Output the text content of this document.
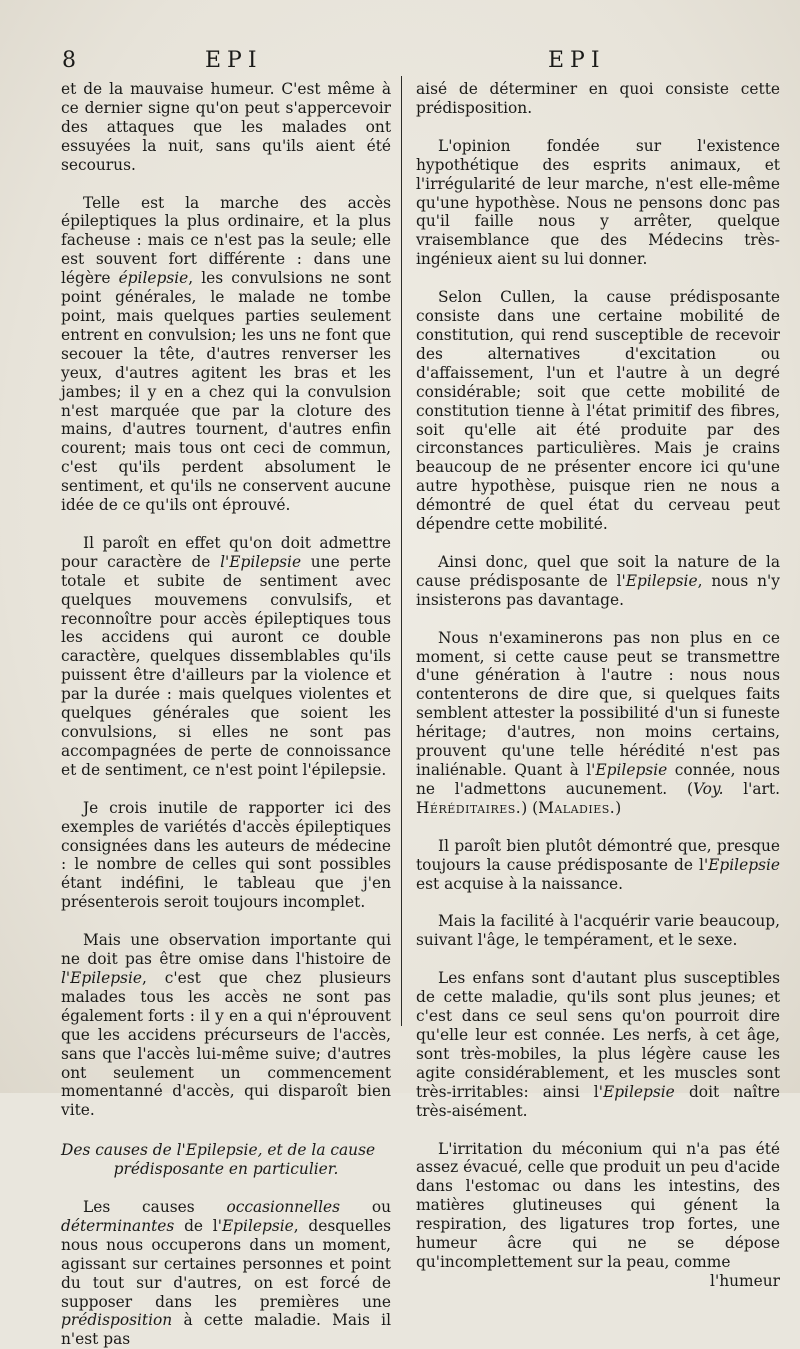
8	EPI	EPI

et de la mauvaise humeur. C'est même à ce dernier signe qu'on peut s'appercevoir des attaques que les malades ont essuyées la nuit, sans qu'ils aient été secourus.

Telle est la marche des accès épileptiques la plus ordinaire, et la plus facheuse : mais ce n'est pas la seule; elle est souvent fort différente : dans une légère épilepsie, les convulsions ne sont point générales, le malade ne tombe point, mais quelques parties seulement entrent en convulsion; les uns ne font que secouer la tête, d'autres renverser les yeux, d'autres agitent les bras et les jambes; il y en a chez qui la convulsion n'est marquée que par la cloture des mains, d'autres tournent, d'autres enfin courent; mais tous ont ceci de commun, c'est qu'ils perdent absolument le sentiment, et qu'ils ne conservent aucune idée de ce qu'ils ont éprouvé.

Il paroît en effet qu'on doit admettre pour caractère de l'Epilepsie une perte totale et subite de sentiment avec quelques mouvemens convulsifs, et reconnoître pour accès épileptiques tous les accidens qui auront ce double caractère, quelques dissemblables qu'ils puissent être d'ailleurs par la violence et par la durée : mais quelques violentes et quelques générales que soient les convulsions, si elles ne sont pas accompagnées de perte de connoissance et de sentiment, ce n'est point l'épilepsie.

Je crois inutile de rapporter ici des exemples de variétés d'accès épileptiques consignées dans les auteurs de médecine : le nombre de celles qui sont possibles étant indéfini, le tableau que j'en présenterois seroit toujours incomplet.

Mais une observation importante qui ne doit pas être omise dans l'histoire de l'Epilepsie, c'est que chez plusieurs malades tous les accès ne sont pas également forts : il y en a qui n'éprouvent que les accidens précurseurs de l'accès, sans que l'accès lui-même suive; d'autres ont seulement un commencement momentanné d'accès, qui disparoît bien vite.

Des causes de l'Epilepsie, et de la cause
prédisposante en particulier.

Les causes occasionnelles ou déterminantes de l'Epilepsie, desquelles nous nous occuperons dans un moment, agissant sur certaines personnes et point du tout sur d'autres, on est forcé de supposer dans les premières une prédisposition à cette maladie. Mais il n'est pas

aisé de déterminer en quoi consiste cette prédisposition.

L'opinion fondée sur l'existence hypothétique des esprits animaux, et l'irrégularité de leur marche, n'est elle-même qu'une hypothèse. Nous ne pensons donc pas qu'il faille nous y arrêter, quelque vraisemblance que des Médecins très-ingénieux aient su lui donner.

Selon Cullen, la cause prédisposante consiste dans une certaine mobilité de constitution, qui rend susceptible de recevoir des alternatives d'excitation ou d'affaissement, l'un et l'autre à un degré considérable; soit que cette mobilité de constitution tienne à l'état primitif des fibres, soit qu'elle ait été produite par des circonstances particulières. Mais je crains beaucoup de ne présenter encore ici qu'une autre hypothèse, puisque rien ne nous a démontré de quel état du cerveau peut dépendre cette mobilité.

Ainsi donc, quel que soit la nature de la cause prédisposante de l'Epilepsie, nous n'y insisterons pas davantage.

Nous n'examinerons pas non plus en ce moment, si cette cause peut se transmettre d'une génération à l'autre : nous nous contenterons de dire que, si quelques faits semblent attester la possibilité d'un si funeste héritage; d'autres, non moins certains, prouvent qu'une telle hérédité n'est pas inaliénable. Quant à l'Epilepsie connée, nous ne l'admettons aucunement. (Voy. l'art. Héréditaires.) (Maladies.)

Il paroît bien plutôt démontré que, presque toujours la cause prédisposante de l'Epilepsie est acquise à la naissance.

Mais la facilité à l'acquérir varie beaucoup, suivant l'âge, le tempérament, et le sexe.

Les enfans sont d'autant plus susceptibles de cette maladie, qu'ils sont plus jeunes; et c'est dans ce seul sens qu'on pourroit dire qu'elle leur est connée. Les nerfs, à cet âge, sont très-mobiles, la plus légère cause les agite considérablement, et les muscles sont très-irritables: ainsi l'Epilepsie doit naître très-aisément.

L'irritation du méconium qui n'a pas été assez évacué, celle que produit un peu d'acide dans l'estomac ou dans les intestins, des matières glutineuses qui génent la respiration, des ligatures trop fortes, une humeur âcre qui ne se dépose qu'incomplettement sur la peau, comme

l'humeur
